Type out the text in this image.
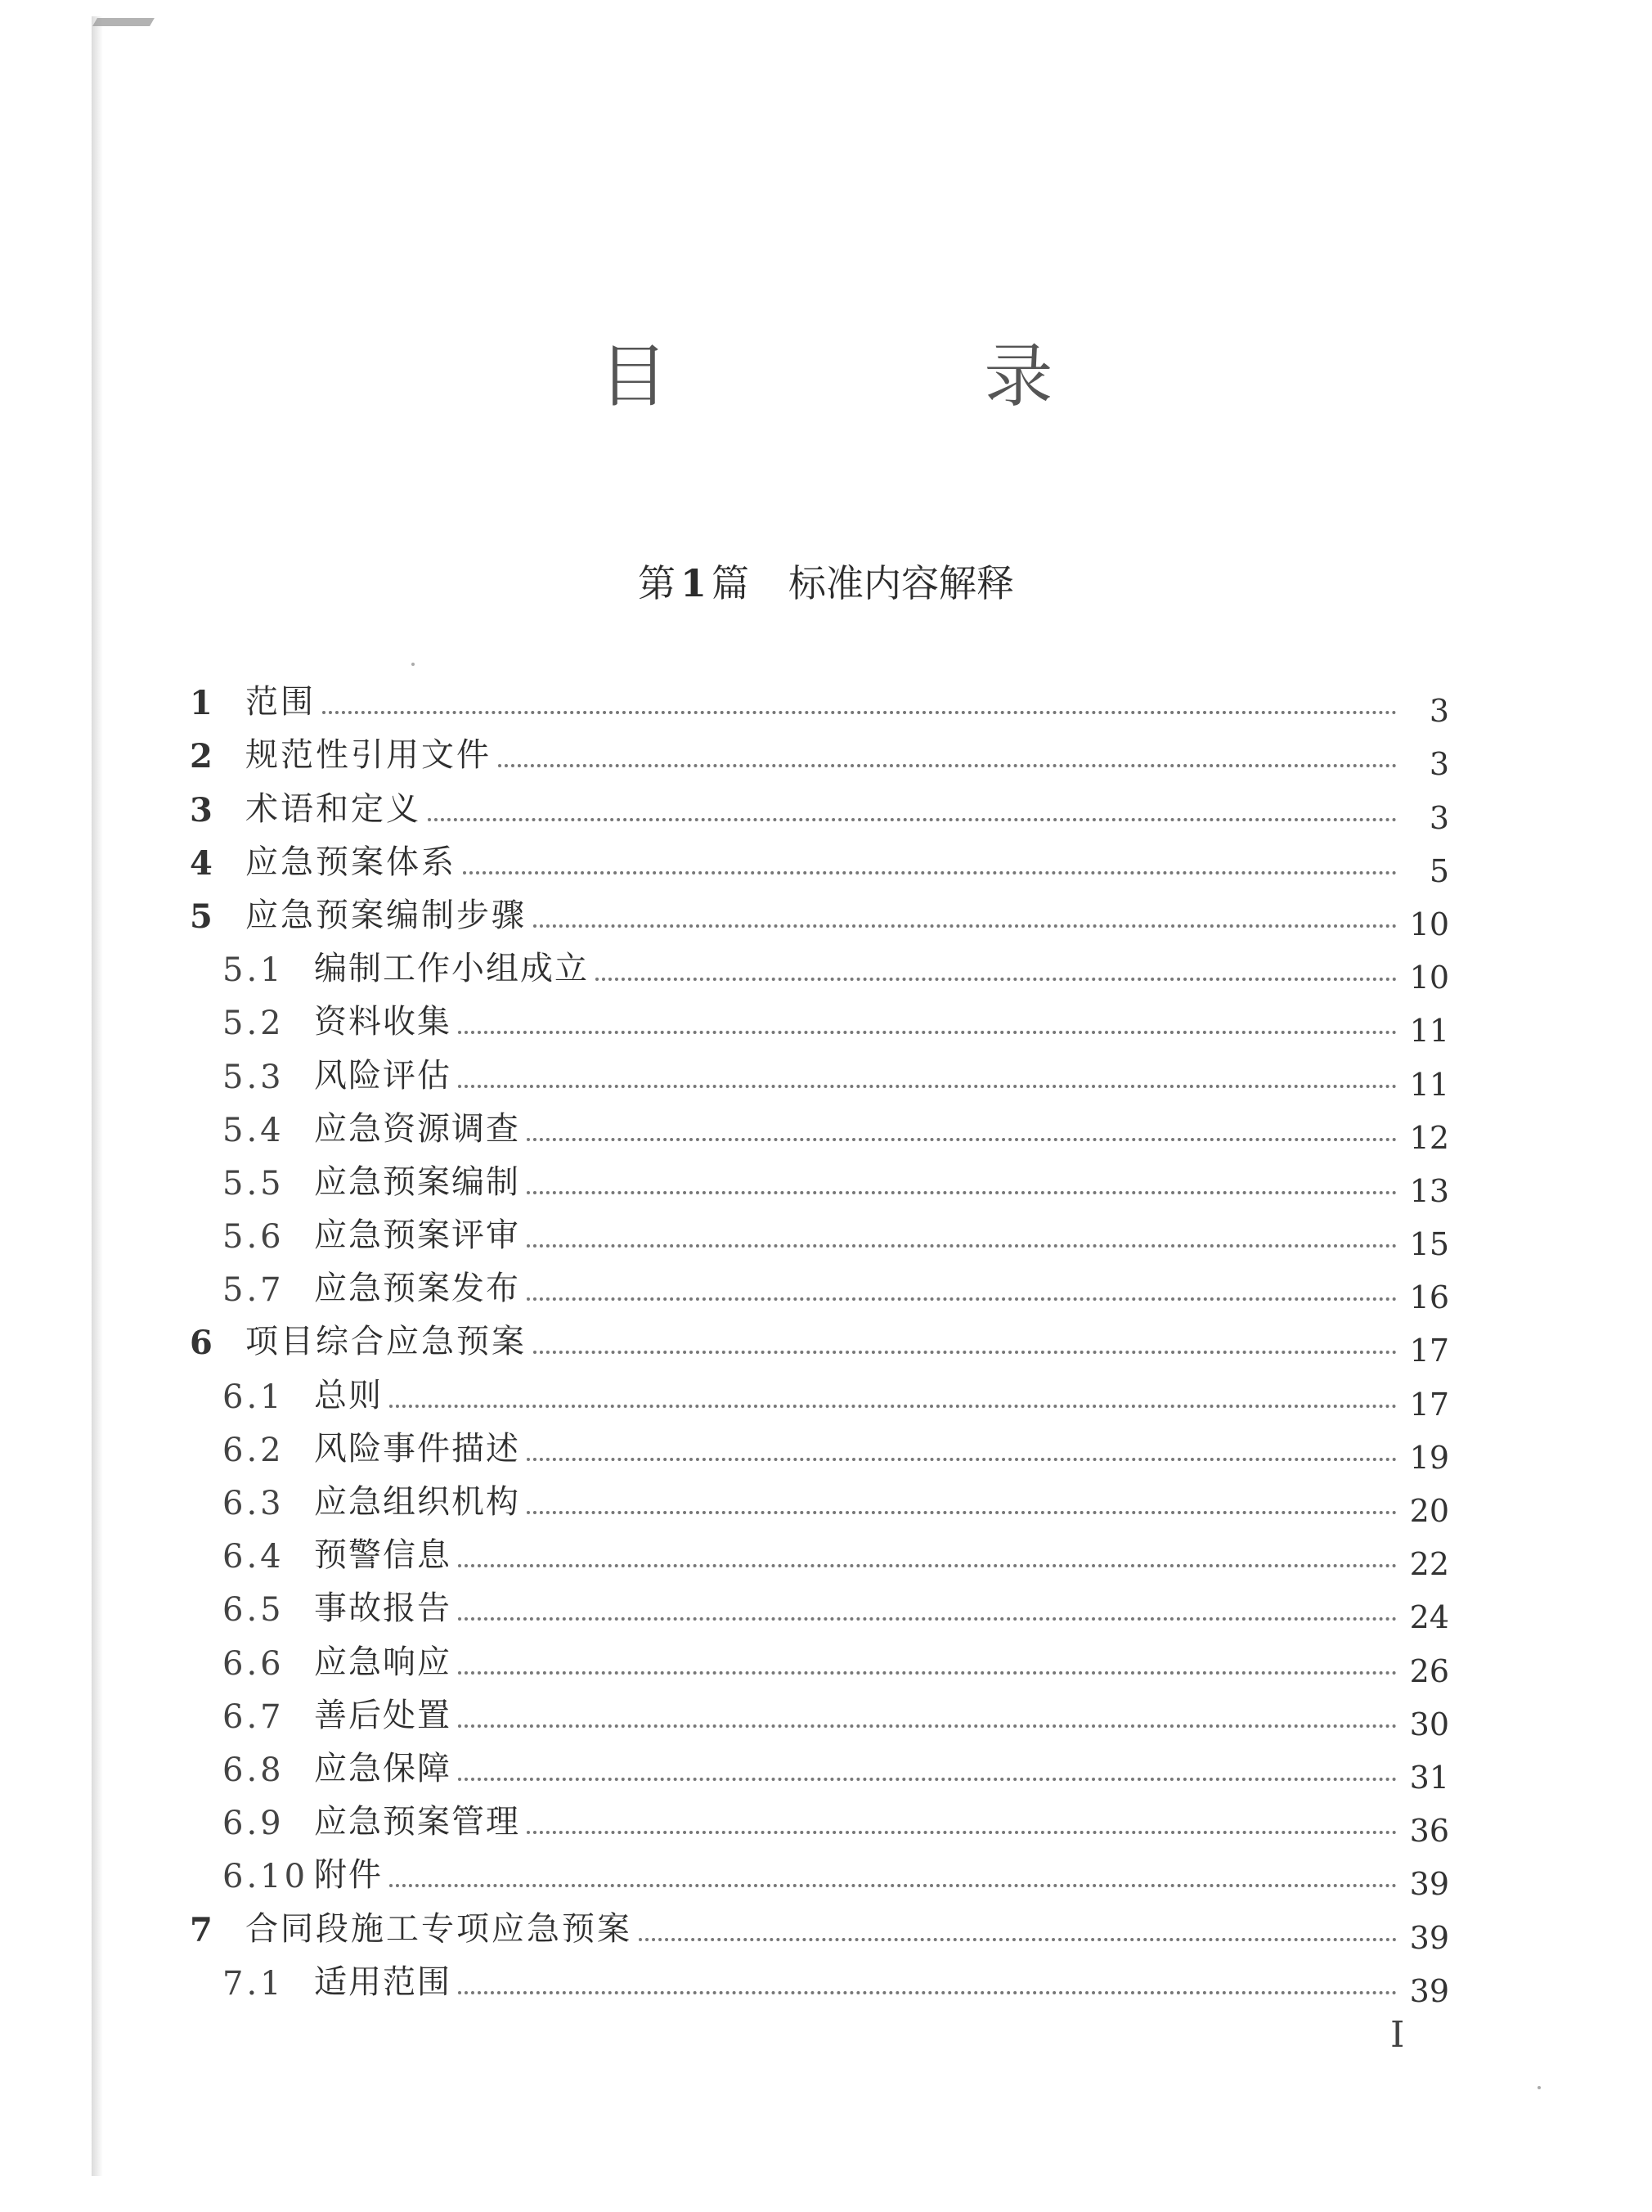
目 录
第 1 篇 标准内容解释
1	范围	3
2	规范性引用文件	3
3	术语和定义	3
4	应急预案体系	5
5	应急预案编制步骤	10
5.1 编制工作小组成立	10
5.2 资料收集	11
5.3 风险评估	11
5.4 应急资源调查	12
5.5 应急预案编制	13
5.6 应急预案评审	15
5.7 应急预案发布	16
6	项目综合应急预案	17
6.1 总则	17
6.2 风险事件描述	19
6.3 应急组织机构	20
6.4 预警信息	22
6.5 事故报告	24
6.6 应急响应	26
6.7 善后处置	30
6.8 应急保障	31
6.9 应急预案管理	36
6.10 附件	39
7	合同段施工专项应急预案	39
7.1 适用范围	39
I
